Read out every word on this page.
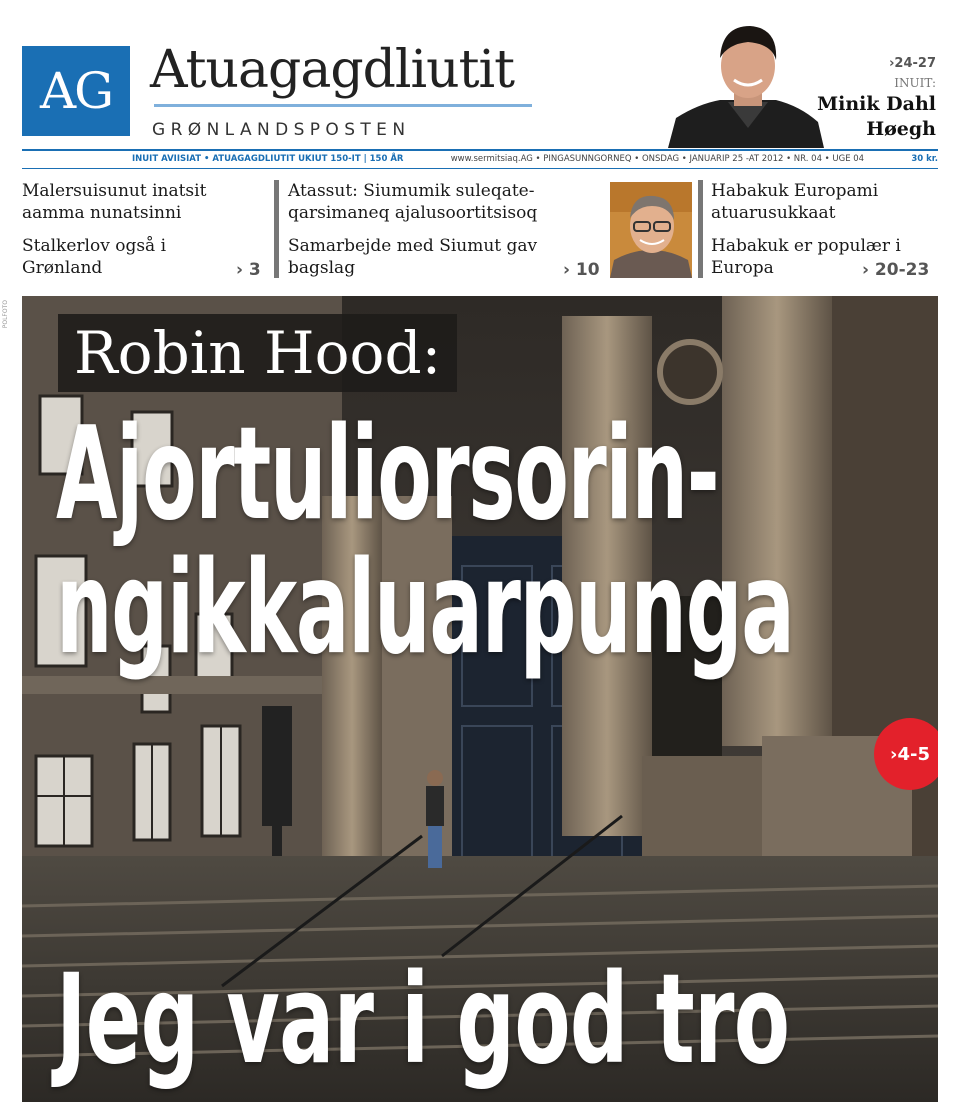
AG Atuagagdliutit
GRØNLANDSPOSTEN
›24-27
INUIT:
Minik Dahl Høegh
INUIT AVIISIAT • ATUAGAGDLIUTIT UKIUT 150-IT | 150 ÅR	www.sermitsiaq.AG • PINGASUNNGORNEQ • ONSDAG • JANUARIP 25 -AT 2012 • NR. 04 • UGE 04	30 kr.
Malersuisunut inatsit aamma nunatsinni
Stalkerlov også i Grønland	› 3
Atassut: Siumumik suleqate-qarsimaneq ajalusoortitsisoq
Samarbejde med Siumut gav bagslag	› 10
Habakuk Europami atuarusukkaat
Habakuk er populær i Europa	› 20-23
POLFOTO
Robin Hood:
Ajortuliorsorin-
ngikkaluarpunga
›4-5
Jeg var i god tro
